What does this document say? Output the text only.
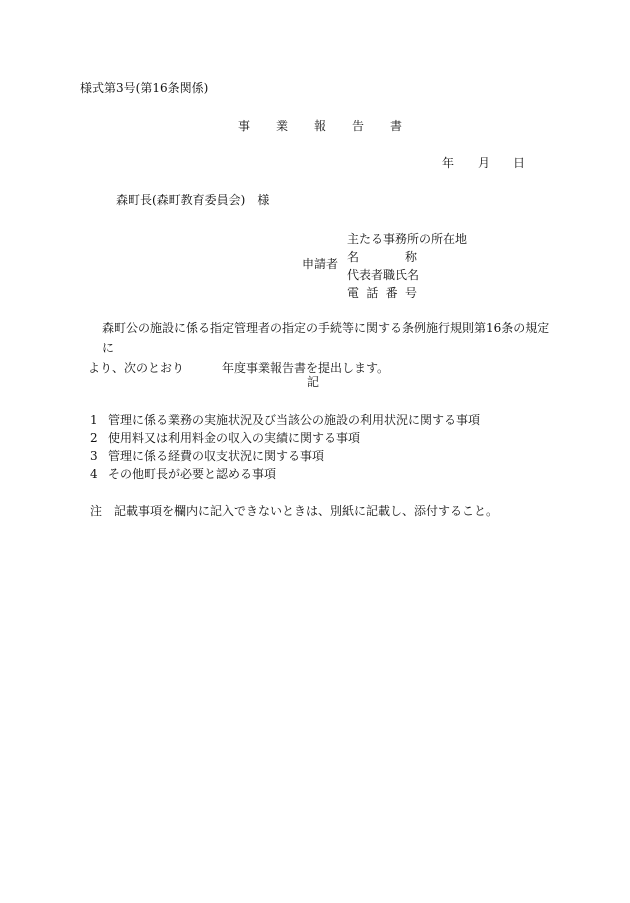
様式第3号(第16条関係)
事 業 報 告 書
年 月 日
森町長(森町教育委員会)　様
申請者
主たる事務所の所在地
名	称
代表者職氏名
電 話 番 号
森町公の施設に係る指定管理者の指定の手続等に関する条例施行規則第16条の規定に
より、次のとおり	年度事業報告書を提出します。
記
1 管理に係る業務の実施状況及び当該公の施設の利用状況に関する事項
2 使用料又は利用料金の収入の実績に関する事項
3 管理に係る経費の収支状況に関する事項
4 その他町長が必要と認める事項
注 記載事項を欄内に記入できないときは、別紙に記載し、添付すること。
